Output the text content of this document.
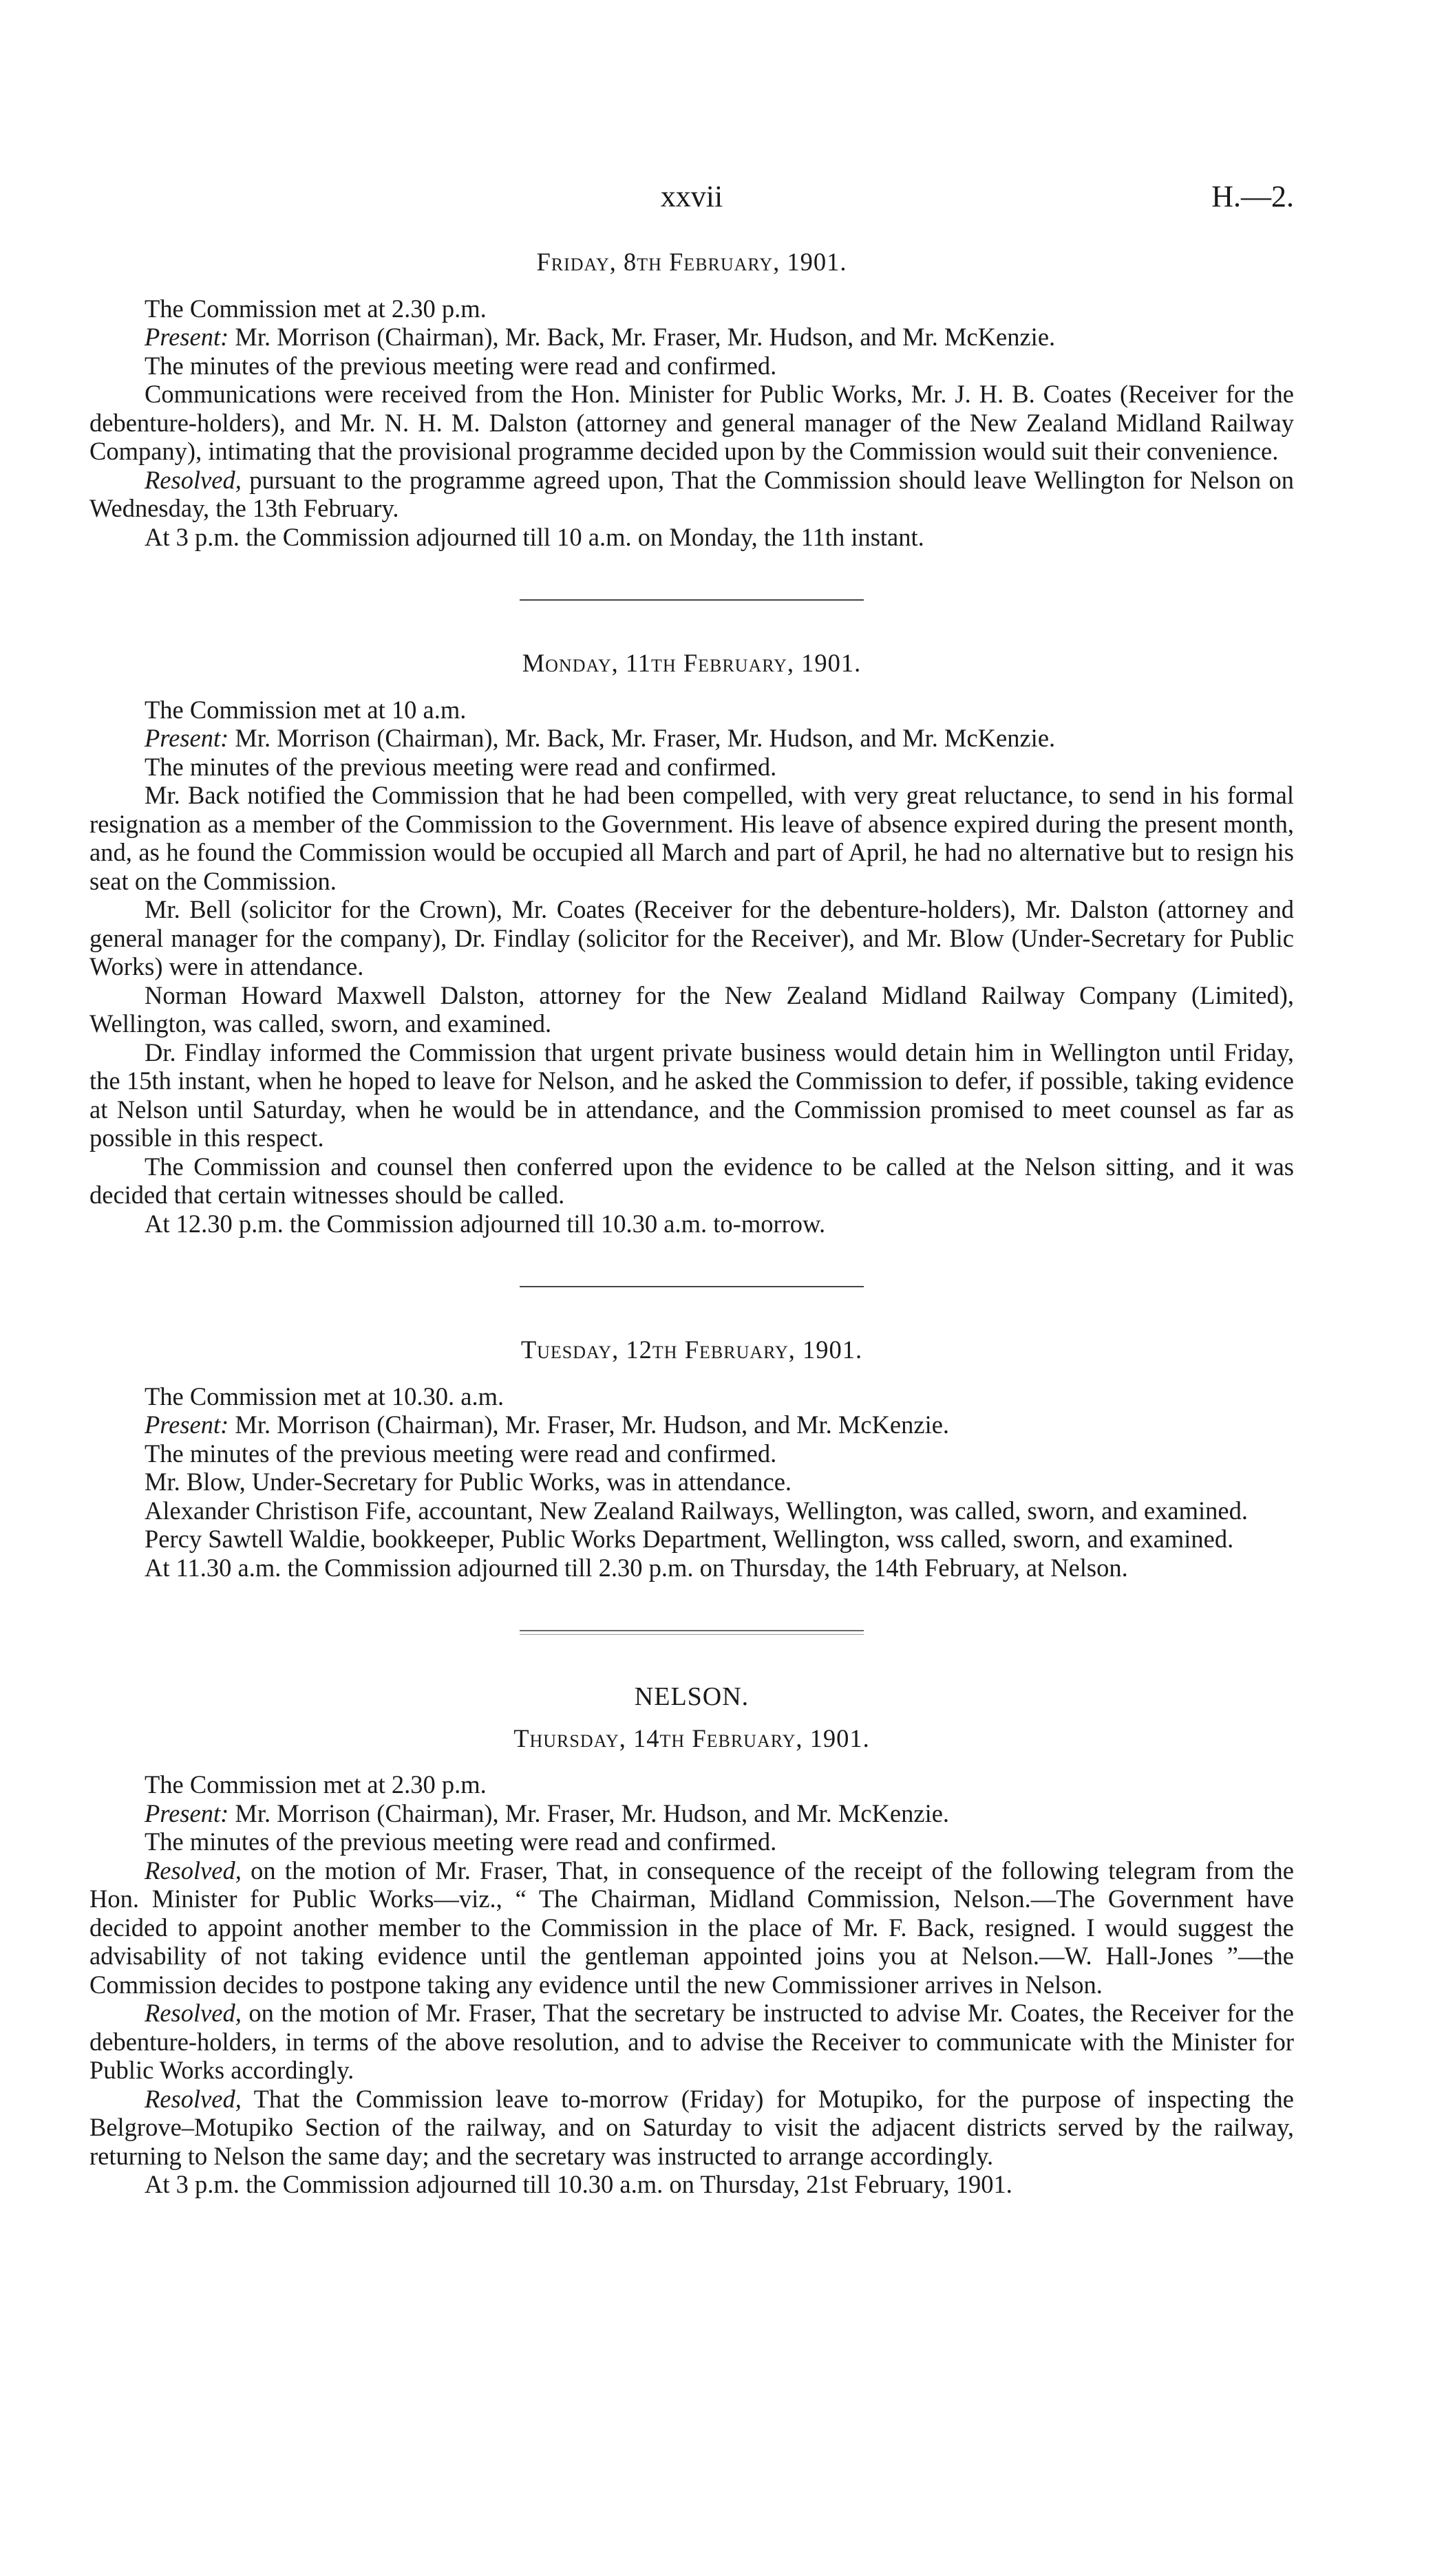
xxvii	H.—2.
Friday, 8th February, 1901.

The Commission met at 2.30 p.m.

Present: Mr. Morrison (Chairman), Mr. Back, Mr. Fraser, Mr. Hudson, and Mr. McKenzie.

The minutes of the previous meeting were read and confirmed.

Communications were received from the Hon. Minister for Public Works, Mr. J. H. B. Coates (Receiver for the debenture-holders), and Mr. N. H. M. Dalston (attorney and general manager of the New Zealand Midland Railway Company), intimating that the provisional programme decided upon by the Commission would suit their convenience.

Resolved, pursuant to the programme agreed upon, That the Commission should leave Wellington for Nelson on Wednesday, the 13th February.

At 3 p.m. the Commission adjourned till 10 a.m. on Monday, the 11th instant.

Monday, 11th February, 1901.

The Commission met at 10 a.m.

Present: Mr. Morrison (Chairman), Mr. Back, Mr. Fraser, Mr. Hudson, and Mr. McKenzie.

The minutes of the previous meeting were read and confirmed.

Mr. Back notified the Commission that he had been compelled, with very great reluctance, to send in his formal resignation as a member of the Commission to the Government. His leave of absence expired during the present month, and, as he found the Commission would be occupied all March and part of April, he had no alternative but to resign his seat on the Commission.

Mr. Bell (solicitor for the Crown), Mr. Coates (Receiver for the debenture-holders), Mr. Dalston (attorney and general manager for the company), Dr. Findlay (solicitor for the Receiver), and Mr. Blow (Under-Secretary for Public Works) were in attendance.

Norman Howard Maxwell Dalston, attorney for the New Zealand Midland Railway Company (Limited), Wellington, was called, sworn, and examined.

Dr. Findlay informed the Commission that urgent private business would detain him in Wellington until Friday, the 15th instant, when he hoped to leave for Nelson, and he asked the Commission to defer, if possible, taking evidence at Nelson until Saturday, when he would be in attendance, and the Commission promised to meet counsel as far as possible in this respect.

The Commission and counsel then conferred upon the evidence to be called at the Nelson sitting, and it was decided that certain witnesses should be called.

At 12.30 p.m. the Commission adjourned till 10.30 a.m. to-morrow.

Tuesday, 12th February, 1901.

The Commission met at 10.30. a.m.

Present: Mr. Morrison (Chairman), Mr. Fraser, Mr. Hudson, and Mr. McKenzie.

The minutes of the previous meeting were read and confirmed.

Mr. Blow, Under-Secretary for Public Works, was in attendance.

Alexander Christison Fife, accountant, New Zealand Railways, Wellington, was called, sworn, and examined.

Percy Sawtell Waldie, bookkeeper, Public Works Department, Wellington, wss called, sworn, and examined.

At 11.30 a.m. the Commission adjourned till 2.30 p.m. on Thursday, the 14th February, at Nelson.

NELSON.
Thursday, 14th February, 1901.

The Commission met at 2.30 p.m.

Present: Mr. Morrison (Chairman), Mr. Fraser, Mr. Hudson, and Mr. McKenzie.

The minutes of the previous meeting were read and confirmed.

Resolved, on the motion of Mr. Fraser, That, in consequence of the receipt of the following telegram from the Hon. Minister for Public Works—viz., “ The Chairman, Midland Commission, Nelson.—The Government have decided to appoint another member to the Commission in the place of Mr. F. Back, resigned. I would suggest the advisability of not taking evidence until the gentleman appointed joins you at Nelson.—W. Hall-Jones ”—the Commission decides to postpone taking any evidence until the new Commissioner arrives in Nelson.

Resolved, on the motion of Mr. Fraser, That the secretary be instructed to advise Mr. Coates, the Receiver for the debenture-holders, in terms of the above resolution, and to advise the Receiver to communicate with the Minister for Public Works accordingly.

Resolved, That the Commission leave to-morrow (Friday) for Motupiko, for the purpose of inspecting the Belgrove–Motupiko Section of the railway, and on Saturday to visit the adjacent districts served by the railway, returning to Nelson the same day; and the secretary was instructed to arrange accordingly.

At 3 p.m. the Commission adjourned till 10.30 a.m. on Thursday, 21st February, 1901.
